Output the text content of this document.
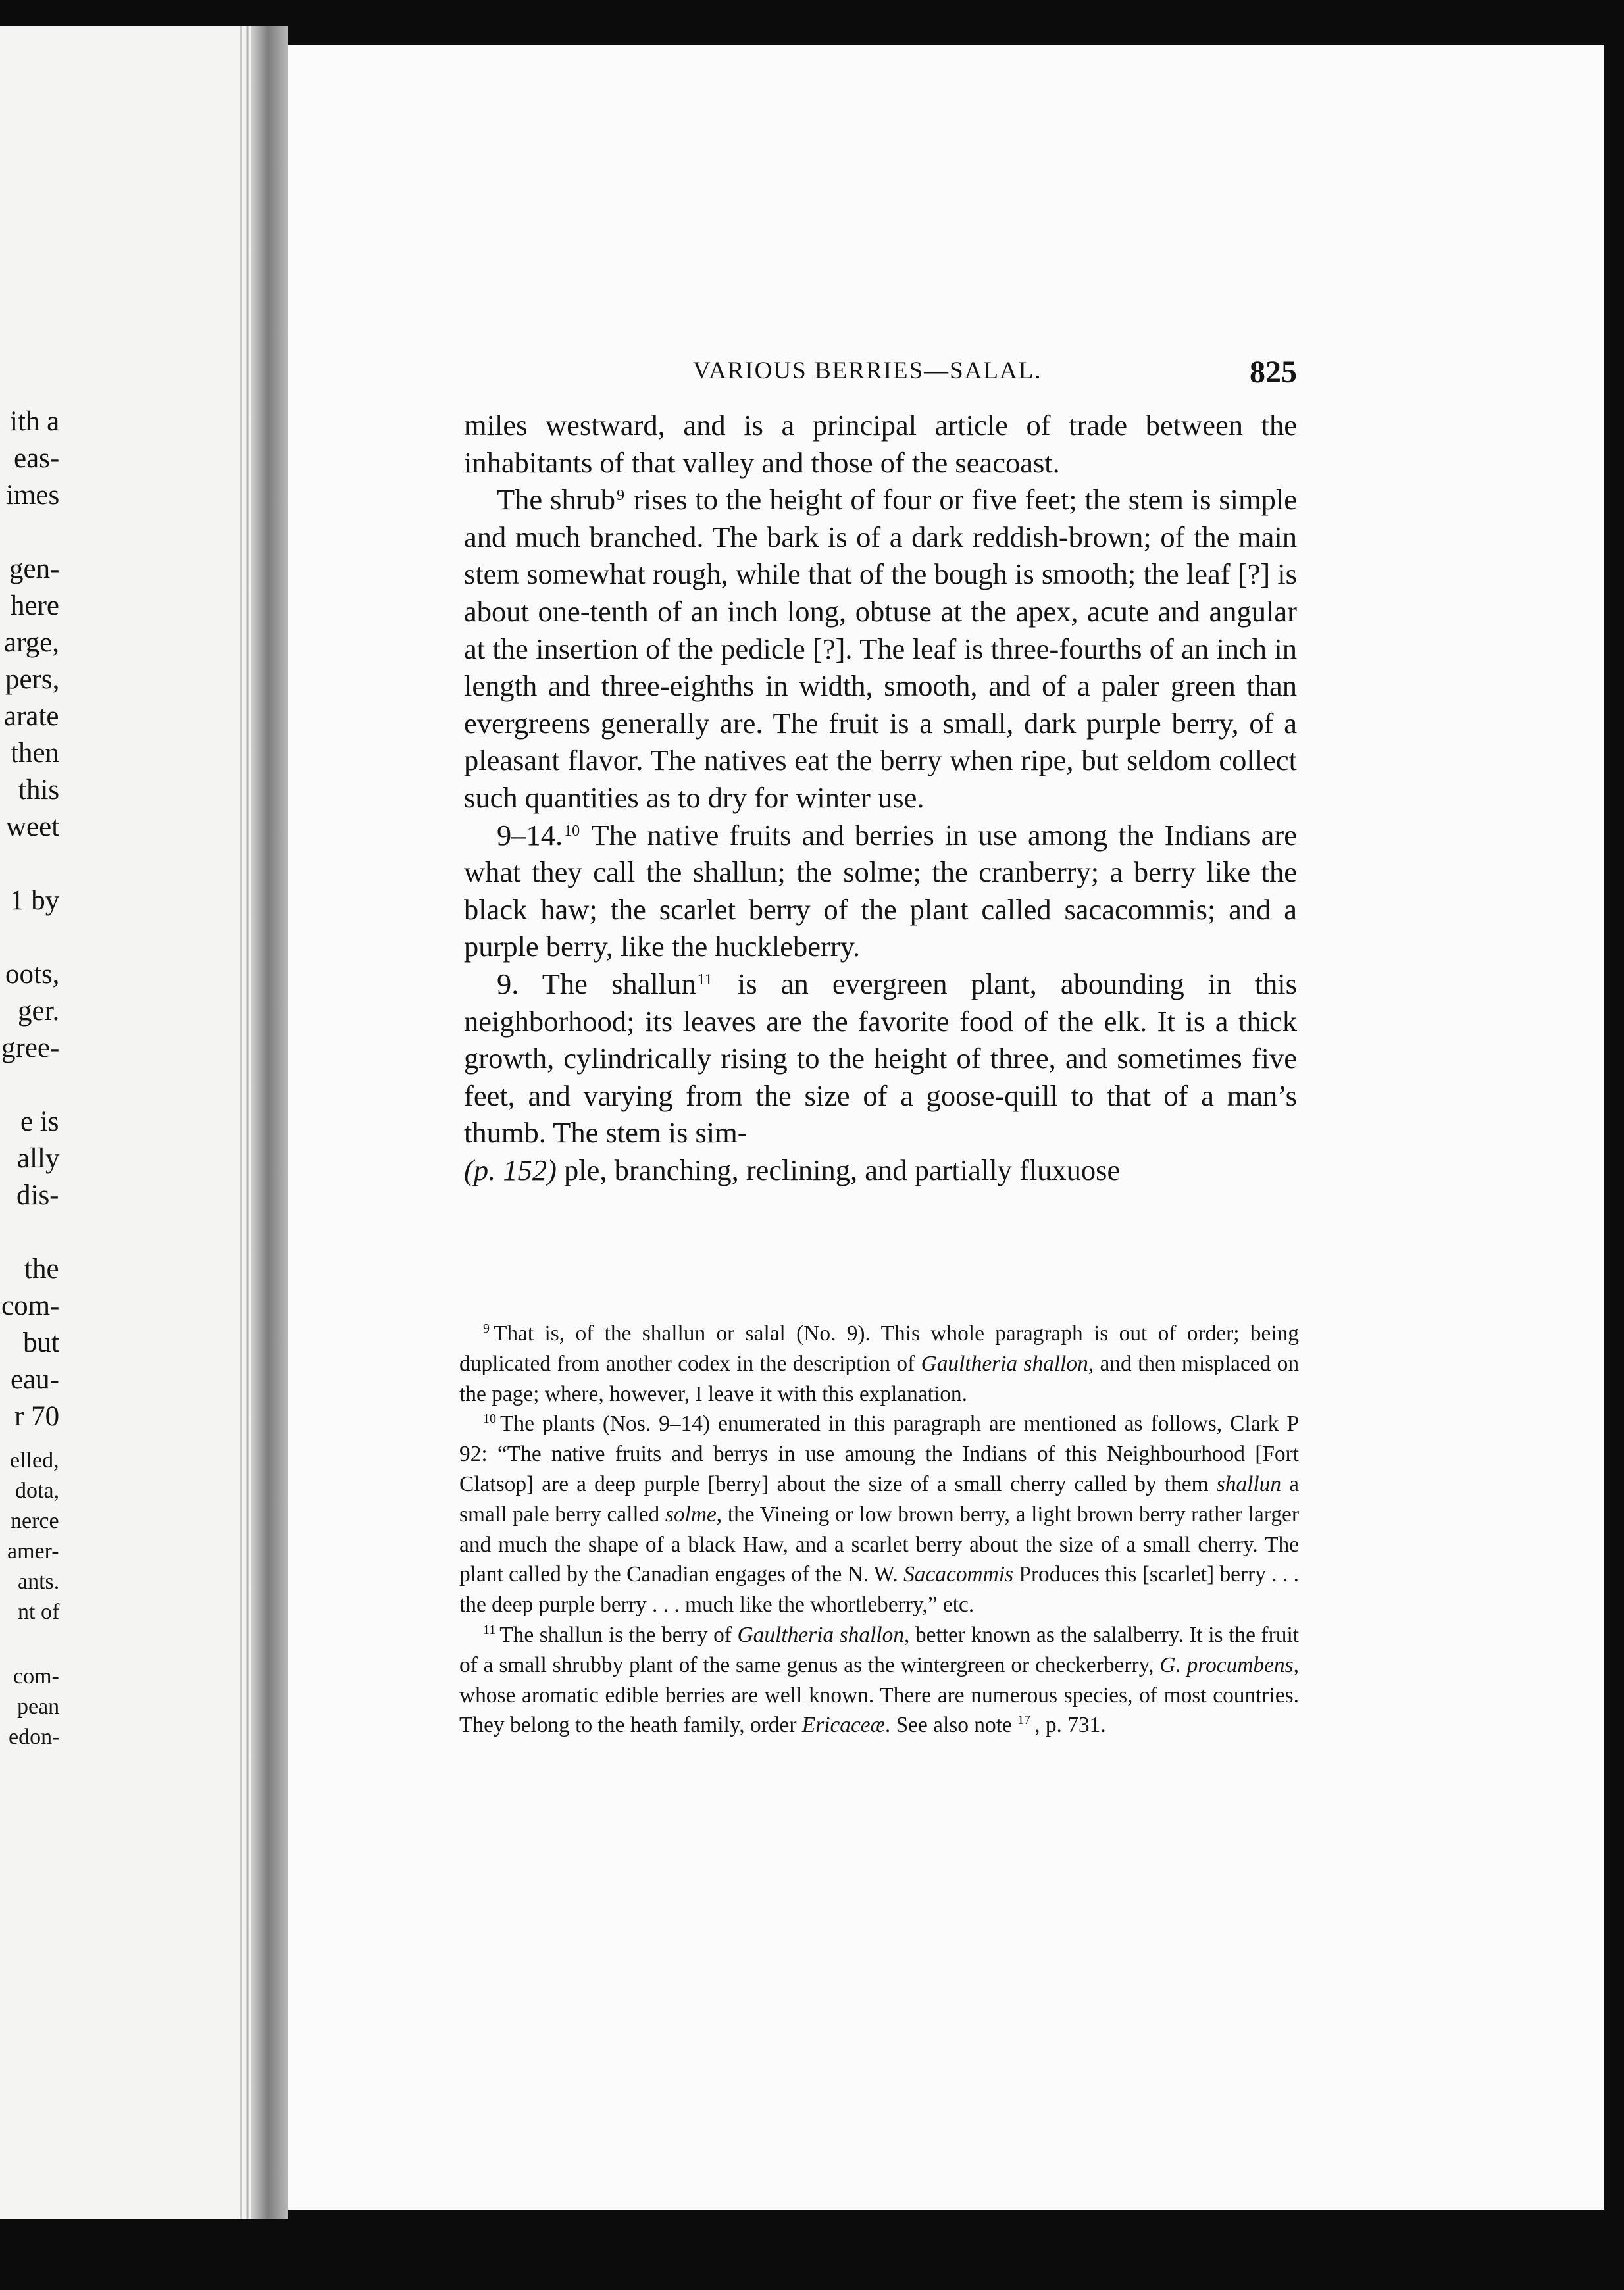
ith a
eas-
imes
gen-
here
arge,
pers,
arate
then
this
weet
1 by
oots,
ger.
gree-
e is
ally
dis-
the
com-
but
eau-
r 70
elled,
dota,
nerce
amer-
ants.
nt of
com-
pean
edon-
VARIOUS BERRIES—SALAL.	825

miles westward, and is a principal article of trade between the inhabitants of that valley and those of the seacoast.

The shrub$^9$ rises to the height of four or five feet; the stem is simple and much branched. The bark is of a dark reddish-brown; of the main stem somewhat rough, while that of the bough is smooth; the leaf [?] is about one-tenth of an inch long, obtuse at the apex, acute and angular at the insertion of the pedicle [?]. The leaf is three-fourths of an inch in length and three-eighths in width, smooth, and of a paler green than evergreens generally are. The fruit is a small, dark purple berry, of a pleasant flavor. The natives eat the berry when ripe, but seldom collect such quantities as to dry for winter use.

9–14.10 The native fruits and berries in use among the Indians are what they call the shallun; the solme; the cranberry; a berry like the black haw; the scarlet berry of the plant called sacacommis; and a purple berry, like the huckleberry.

9. The shallun$^{11}$ is an evergreen plant, abounding in this neighborhood; its leaves are the favorite food of the elk. It is a thick growth, cylindrically rising to the height of three, and sometimes five feet, and varying from the size of a goose-quill to that of a man’s thumb. The stem is sim-
(p. 152) ple, branching, reclining, and partially fluxuose

$^9$ That is, of the shallun or salal (No. 9). This whole paragraph is out of order; being duplicated from another codex in the description of Gaultheria shallon, and then misplaced on the page; where, however, I leave it with this explanation.

$^{10}$ The plants (Nos. 9–14) enumerated in this paragraph are mentioned as follows, Clark P 92: “The native fruits and berrys in use amoung the Indians of this Neighbourhood [Fort Clatsop] are a deep purple [berry] about the size of a small cherry called by them shallun a small pale berry called solme, the Vineing or low brown berry, a light brown berry rather larger and much the shape of a black Haw, and a scarlet berry about the size of a small cherry. The plant called by the Canadian engages of the N. W. Sacacommis Produces this [scarlet] berry . . . the deep purple berry . . . much like the whortleberry,” etc.

$^{11}$ The shallun is the berry of Gaultheria shallon, better known as the salalberry. It is the fruit of a small shrubby plant of the same genus as the wintergreen or checkerberry, G. procumbens, whose aromatic edible berries are well known. There are numerous species, of most countries. They belong to the heath family, order Ericaceæ. See also note $^{17}$ , p. 731.
